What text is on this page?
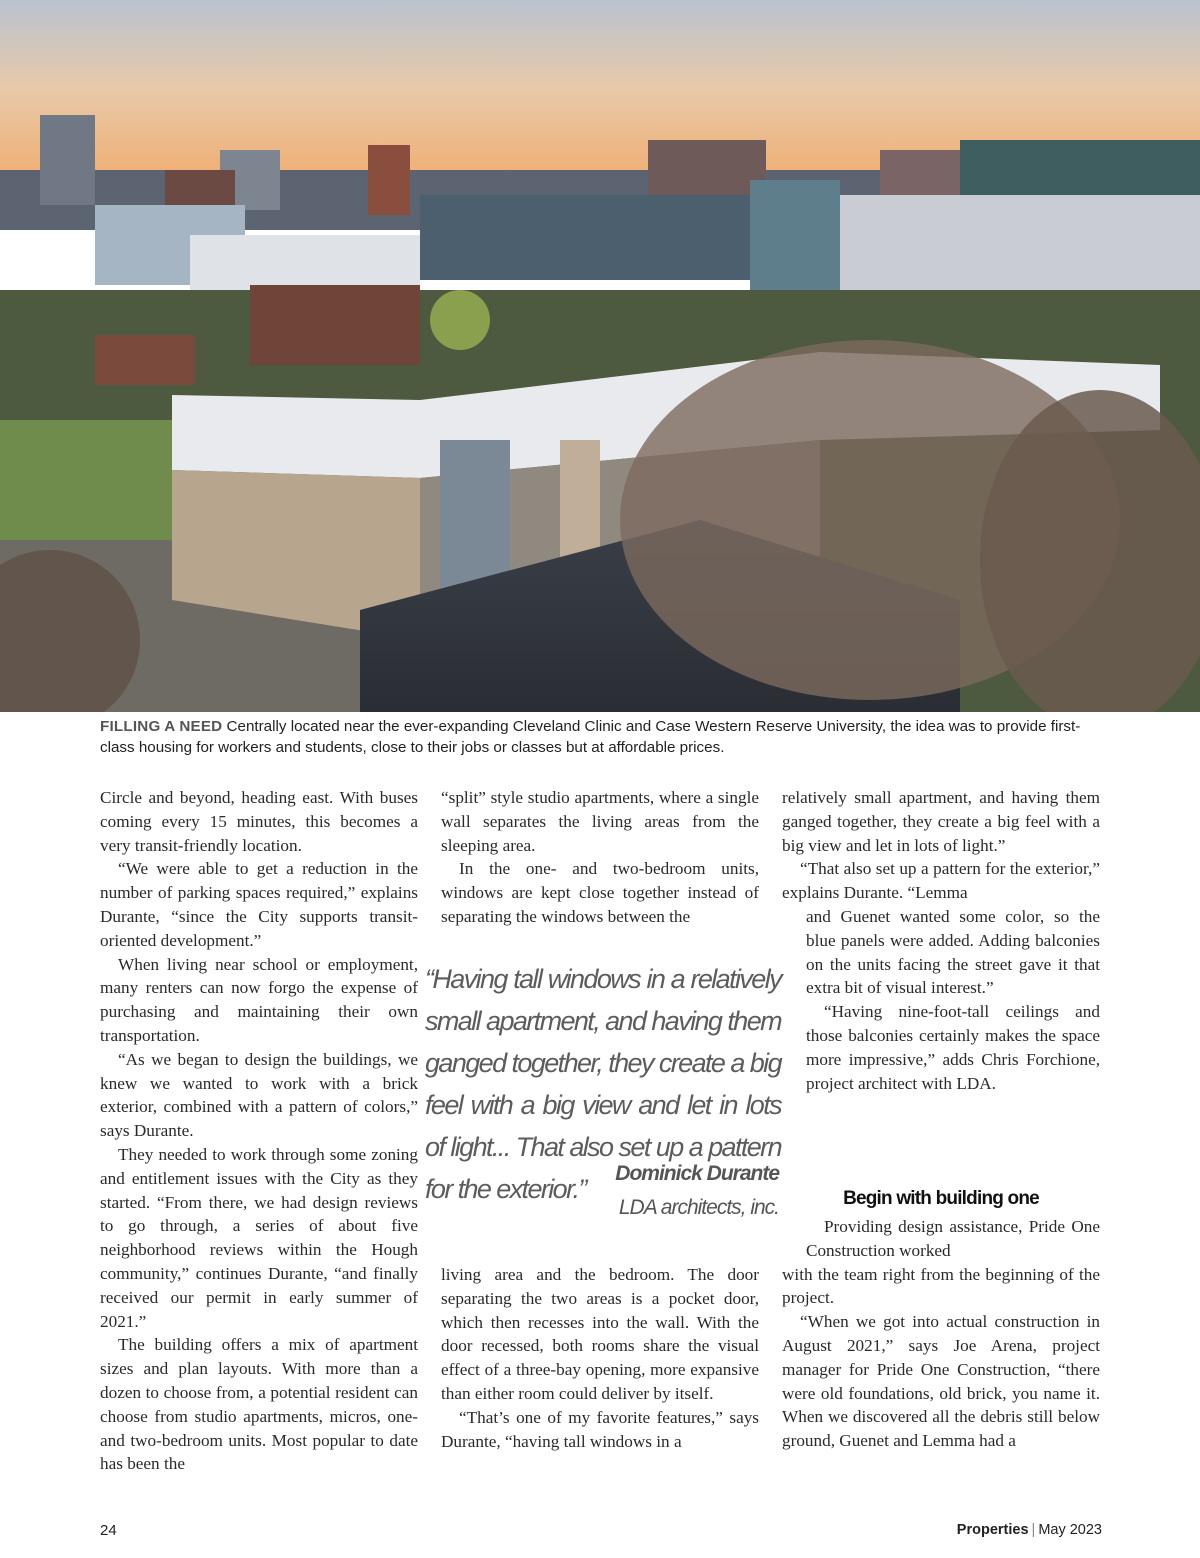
FILLING A NEED Centrally located near the ever-expanding Cleveland Clinic and Case Western Reserve University, the idea was to provide first-class housing for workers and students, close to their jobs or classes but at affordable prices.

Circle and beyond, heading east. With buses coming every 15 minutes, this becomes a very transit-friendly location.

“We were able to get a reduction in the number of parking spaces required,” explains Durante, “since the City supports transit-oriented development.”

When living near school or employment, many renters can now forgo the expense of purchasing and maintaining their own transportation.

“As we began to design the buildings, we knew we wanted to work with a brick exterior, combined with a pattern of colors,” says Durante.

They needed to work through some zoning and entitlement issues with the City as they started. “From there, we had design reviews to go through, a series of about five neighborhood reviews within the Hough community,” continues Durante, “and finally received our permit in early summer of 2021.”

The building offers a mix of apartment sizes and plan layouts. With more than a dozen to choose from, a potential resident can choose from studio apartments, micros, one- and two-bedroom units. Most popular to date has been the

“split” style studio apartments, where a single wall separates the living areas from the sleeping area.

In the one- and two-bedroom units, windows are kept close together instead of separating the windows between the

“Having tall windows in a relatively small apartment, and having them ganged together, they create a big feel with a big view and let in lots of light... That also set up a pattern for the exterior.”
Dominick Durante
LDA architects, inc.

living area and the bedroom. The door separating the two areas is a pocket door, which then recesses into the wall. With the door recessed, both rooms share the visual effect of a three-bay opening, more expansive than either room could deliver by itself.

“That’s one of my favorite features,” says Durante, “having tall windows in a

relatively small apartment, and having them ganged together, they create a big feel with a big view and let in lots of light.”

“That also set up a pattern for the exterior,” explains Durante. “Lemma

and Guenet wanted some color, so the blue panels were added. Adding balconies on the units facing the street gave it that extra bit of visual interest.”

“Having nine-foot-tall ceilings and those balconies certainly makes the space more impressive,” adds Chris Forchione, project architect with LDA.

Begin with building one

Providing design assistance, Pride One Construction worked

with the team right from the beginning of the project.

“When we got into actual construction in August 2021,” says Joe Arena, project manager for Pride One Construction, “there were old foundations, old brick, you name it. When we discovered all the debris still below ground, Guenet and Lemma had a

24	Properties | May 2023
